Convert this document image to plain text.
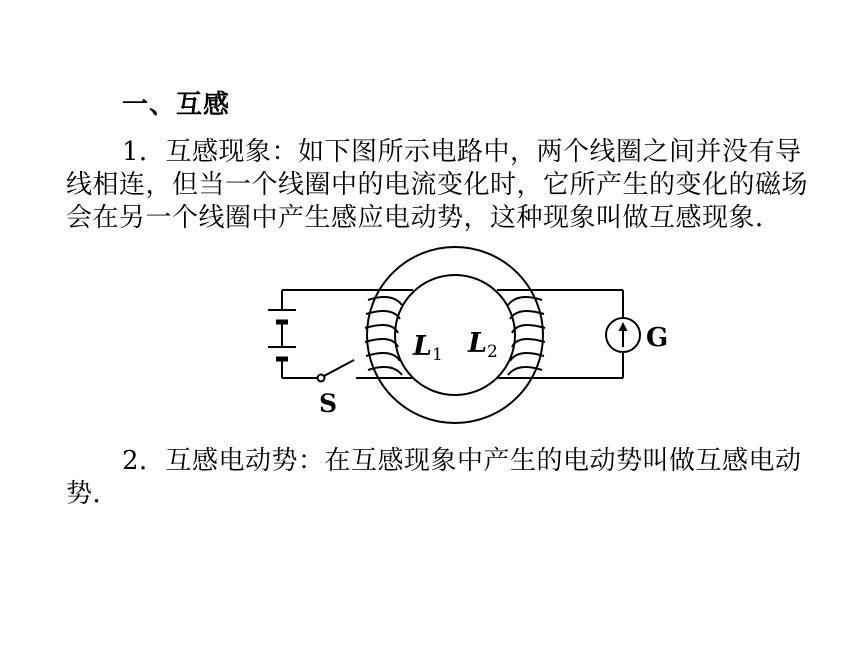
一、互感
1．互感现象：如下图所示电路中，两个线圈之间并没有导线相连，但当一个线圈中的电流变化时，它所产生的变化的磁场会在另一个线圈中产生感应电动势，这种现象叫做互感现象．
2．互感电动势：在互感现象中产生的电动势叫做互感电动势．
L1 L2	G
S
